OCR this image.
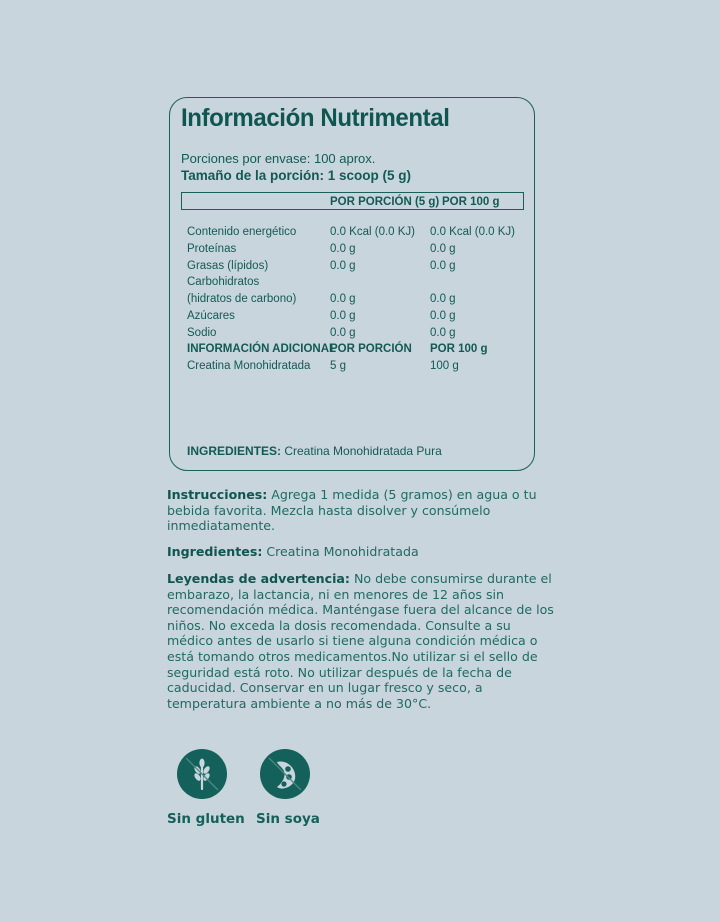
Información Nutrimental
Porciones por envase: 100 aprox.
Tamaño de la porción: 1 scoop (5 g)
POR PORCIÓN (5 g) POR 100 g
Contenido energético	0.0 Kcal (0.0 KJ) 0.0 Kcal (0.0 KJ)
Proteínas	0.0 g	0.0 g
Grasas (lípidos)	0.0 g	0.0 g
Carbohidratos
(hidratos de carbono)	0.0 g	0.0 g
Azúcares	0.0 g	0.0 g
Sodio	0.0 g	0.0 g
INFORMACIÓN ADICIONAL
POR PORCIÓN POR 100 g
Creatina Monohidratada 5 g	100 g
INGREDIENTES: Creatina Monohidratada Pura
Instrucciones: Agrega 1 medida (5 gramos) en agua o tu bebida favorita. Mezcla hasta disolver y consúmelo inmediatamente.
Ingredientes: Creatina Monohidratada
Leyendas de advertencia: No debe consumirse durante el embarazo, la lactancia, ni en menores de 12 años sin recomendación médica. Manténgase fuera del alcance de los niños. No exceda la dosis recomendada. Consulte a su médico antes de usarlo si tiene alguna condición médica o está tomando otros medicamentos.No utilizar si el sello de seguridad está roto. No utilizar después de la fecha de caducidad. Conservar en un lugar fresco y seco, a temperatura ambiente a no más de 30°C.
Sin gluten Sin soya
